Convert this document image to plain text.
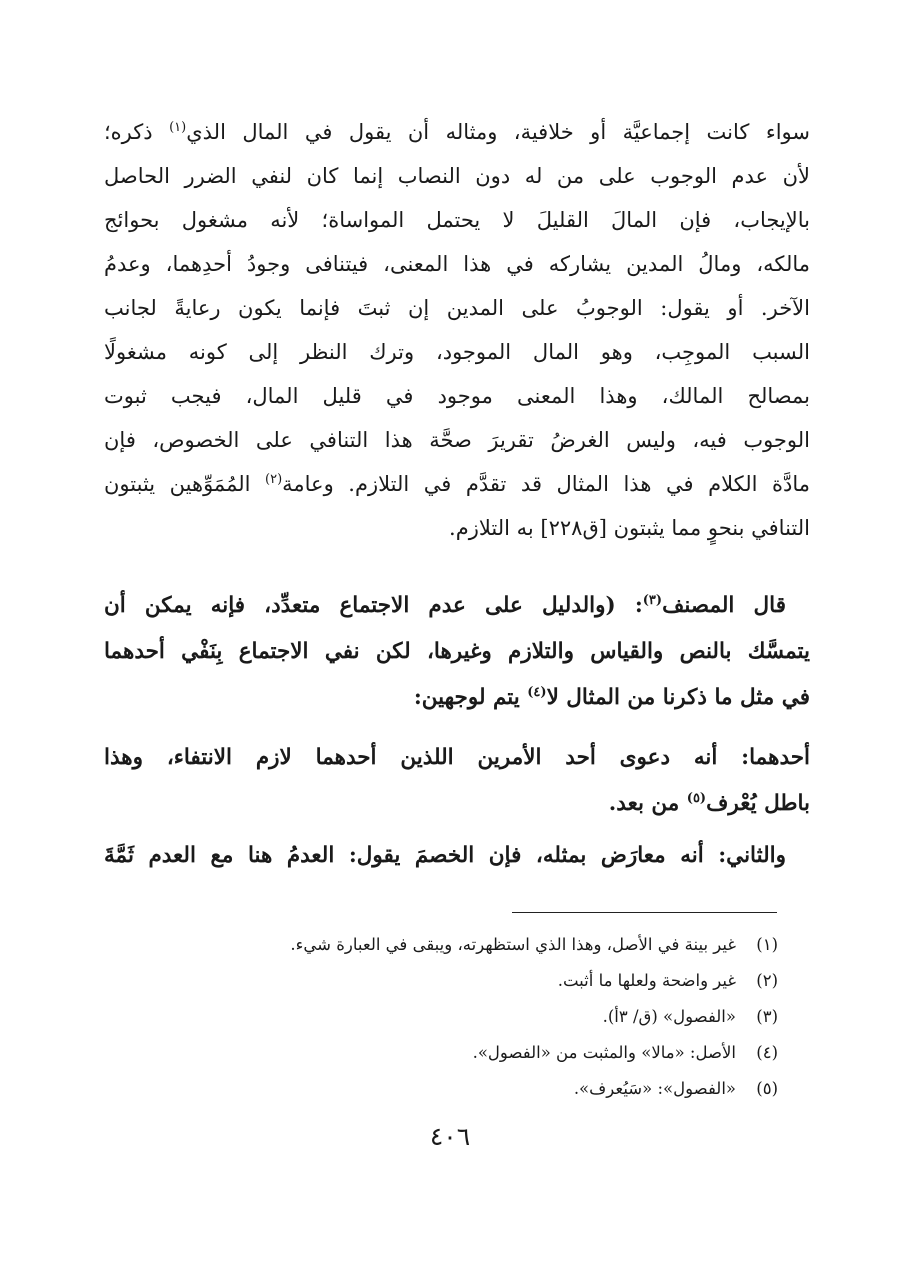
سواء كانت إجماعيَّة أو خلافية، ومثاله أن يقول في المال الذي$^{(١)}$ ذكره؛
لأن عدم الوجوب على من له دون النصاب إنما كان لنفي الضرر الحاصل
بالإيجاب، فإن المالَ القليلَ لا يحتمل المواساة؛ لأنه مشغول بحوائج
مالكه، ومالُ المدين يشاركه في هذا المعنى، فيتنافى وجودُ أحدِهما، وعدمُ
الآخر. أو يقول: الوجوبُ على المدين إن ثبتَ فإنما يكون رعايةً لجانب
السبب الموجِب، وهو المال الموجود، وترك النظر إلى كونه مشغولًا
بمصالح المالك، وهذا المعنى موجود في قليل المال، فيجب ثبوت
الوجوب فيه، وليس الغرضُ تقريرَ صحَّة هذا التنافي على الخصوص، فإن
مادَّة الكلام في هذا المثال قد تقدَّم في التلازم. وعامة$^{(٢)}$ المُمَوِّهين يثبتون
التنافي بنحوٍ مما يثبتون [ق٢٢٨] به التلازم.
قال المصنف$^{(٣)}$: (والدليل على عدم الاجتماع متعدِّد، فإنه يمكن أن
يتمسَّك بالنص والقياس والتلازم وغيرها، لكن نفي الاجتماع بِنَفْي أحدهما
في مثل ما ذكرنا من المثال لا$^{(٤)}$ يتم لوجهين:
أحدهما: أنه دعوى أحد الأمرين اللذين أحدهما لازم الانتفاء، وهذا
باطل يُعْرف$^{(٥)}$ من بعد.
والثاني: أنه معارَض بمثله، فإن الخصمَ يقول: العدمُ هنا مع العدم ثَمَّةَ
(١)غير بينة في الأصل، وهذا الذي استظهرته، ويبقى في العبارة شيء.
(٢)غير واضحة ولعلها ما أثبت.
(٣)«الفصول» (ق/ ٣أ).
(٤)الأصل: «مالا» والمثبت من «الفصول».
(٥)«الفصول»: «سَيُعرف».
٤٠٦
